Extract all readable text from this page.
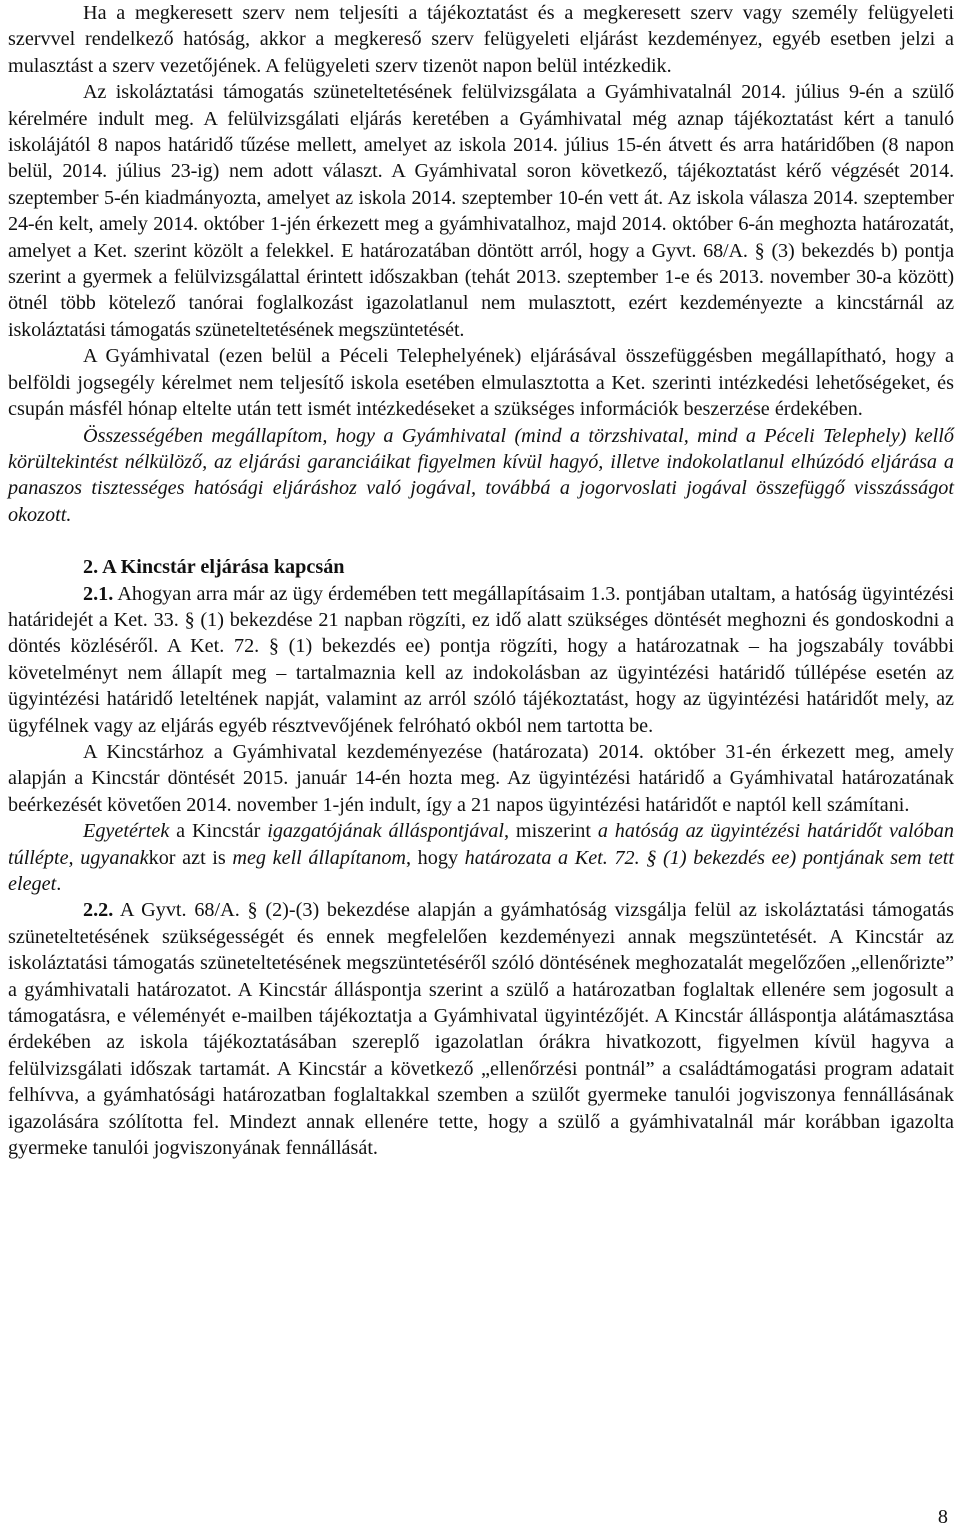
Ha a megkeresett szerv nem teljesíti a tájékoztatást és a megkeresett szerv vagy személy felügyeleti szervvel rendelkező hatóság, akkor a megkereső szerv felügyeleti eljárást kezdeményez, egyéb esetben jelzi a mulasztást a szerv vezetőjének. A felügyeleti szerv tizenöt napon belül intézkedik.

Az iskoláztatási támogatás szüneteltetésének felülvizsgálata a Gyámhivatalnál 2014. július 9-én a szülő kérelmére indult meg. A felülvizsgálati eljárás keretében a Gyámhivatal még aznap tájékoztatást kért a tanuló iskolájától 8 napos határidő tűzése mellett, amelyet az iskola 2014. július 15-én átvett és arra határidőben (8 napon belül, 2014. július 23-ig) nem adott választ. A Gyámhivatal soron következő, tájékoztatást kérő végzését 2014. szeptember 5-én kiadmányozta, amelyet az iskola 2014. szeptember 10-én vett át. Az iskola válasza 2014. szeptember 24-én kelt, amely 2014. október 1-jén érkezett meg a gyámhivatalhoz, majd 2014. október 6-án meghozta határozatát, amelyet a Ket. szerint közölt a felekkel. E határozatában döntött arról, hogy a Gyvt. 68/A. § (3) bekezdés b) pontja szerint a gyermek a felülvizsgálattal érintett időszakban (tehát 2013. szeptember 1-e és 2013. november 30-a között) ötnél több kötelező tanórai foglalkozást igazolatlanul nem mulasztott, ezért kezdeményezte a kincstárnál az iskoláztatási támogatás szüneteltetésének megszüntetését.

A Gyámhivatal (ezen belül a Péceli Telephelyének) eljárásával összefüggésben megállapítható, hogy a belföldi jogsegély kérelmet nem teljesítő iskola esetében elmulasztotta a Ket. szerinti intézkedési lehetőségeket, és csupán másfél hónap eltelte után tett ismét intézkedéseket a szükséges információk beszerzése érdekében.

Összességében megállapítom, hogy a Gyámhivatal (mind a törzshivatal, mind a Péceli Telephely) kellő körültekintést nélkülöző, az eljárási garanciáikat figyelmen kívül hagyó, illetve indokolatlanul elhúzódó eljárása a panaszos tisztességes hatósági eljáráshoz való jogával, továbbá a jogorvoslati jogával összefüggő visszásságot okozott.

2. A Kincstár eljárása kapcsán

2.1. Ahogyan arra már az ügy érdemében tett megállapításaim 1.3. pontjában utaltam, a hatóság ügyintézési határidejét a Ket. 33. § (1) bekezdése 21 napban rögzíti, ez idő alatt szükséges döntését meghozni és gondoskodni a döntés közléséről. A Ket. 72. § (1) bekezdés ee) pontja rögzíti, hogy a határozatnak – ha jogszabály további követelményt nem állapít meg – tartalmaznia kell az indokolásban az ügyintézési határidő túllépése esetén az ügyintézési határidő leteltének napját, valamint az arról szóló tájékoztatást, hogy az ügyintézési határidőt mely, az ügyfélnek vagy az eljárás egyéb résztvevőjének felróható okból nem tartotta be.

A Kincstárhoz a Gyámhivatal kezdeményezése (határozata) 2014. október 31-én érkezett meg, amely alapján a Kincstár döntését 2015. január 14-én hozta meg. Az ügyintézési határidő a Gyámhivatal határozatának beérkezését követően 2014. november 1-jén indult, így a 21 napos ügyintézési határidőt e naptól kell számítani.

Egyetértek a Kincstár igazgatójának álláspontjával, miszerint a hatóság az ügyintézési határidőt valóban túllépte, ugyanakkor azt is meg kell állapítanom, hogy határozata a Ket. 72. § (1) bekezdés ee) pontjának sem tett eleget.

2.2. A Gyvt. 68/A. § (2)-(3) bekezdése alapján a gyámhatóság vizsgálja felül az iskoláztatási támogatás szüneteltetésének szükségességét és ennek megfelelően kezdeményezi annak megszüntetését. A Kincstár az iskoláztatási támogatás szüneteltetésének megszüntetéséről szóló döntésének meghozatalát megelőzően „ellenőrizte” a gyámhivatali határozatot. A Kincstár álláspontja szerint a szülő a határozatban foglaltak ellenére sem jogosult a támogatásra, e véleményét e-mailben tájékoztatja a Gyámhivatal ügyintézőjét. A Kincstár álláspontja alátámasztása érdekében az iskola tájékoztatásában szereplő igazolatlan órákra hivatkozott, figyelmen kívül hagyva a felülvizsgálati időszak tartamát. A Kincstár a következő „ellenőrzési pontnál” a családtámogatási program adatait felhívva, a gyámhatósági határozatban foglaltakkal szemben a szülőt gyermeke tanulói jogviszonya fennállásának igazolására szólította fel. Mindezt annak ellenére tette, hogy a szülő a gyámhivatalnál már korábban igazolta gyermeke tanulói jogviszonyának fennállását.

8
